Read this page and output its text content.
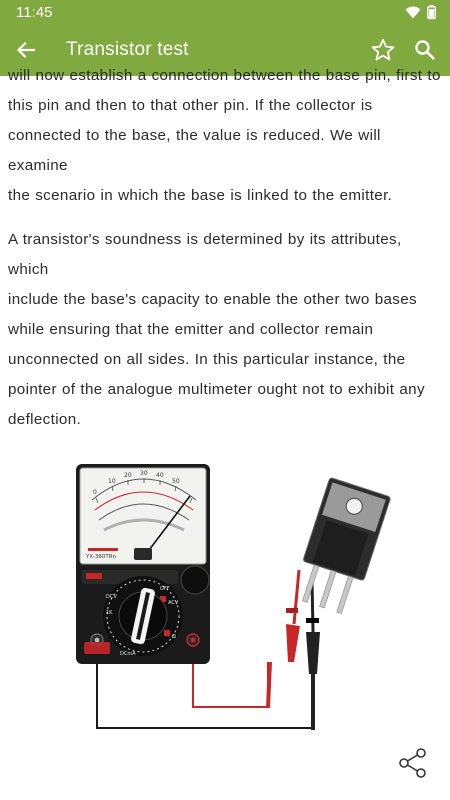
11:45
Transistor test
will now establish a connection between the base pin, first to
this pin and then to that other pin. If the collector is
connected to the base, the value is reduced. We will examine
the scenario in which the base is linked to the emitter.
A transistor's soundness is determined by its attributes, which
include the base's capacity to enable the other two bases
while ensuring that the emitter and collector remain
unconnected on all sides. In this particular instance, the
pointer of the analogue multimeter ought not to exhibit any
deflection.
0
10
20 30 40
50
YX-360TRn
1K
ACV
DCV
OFF
DCmA
Ω
